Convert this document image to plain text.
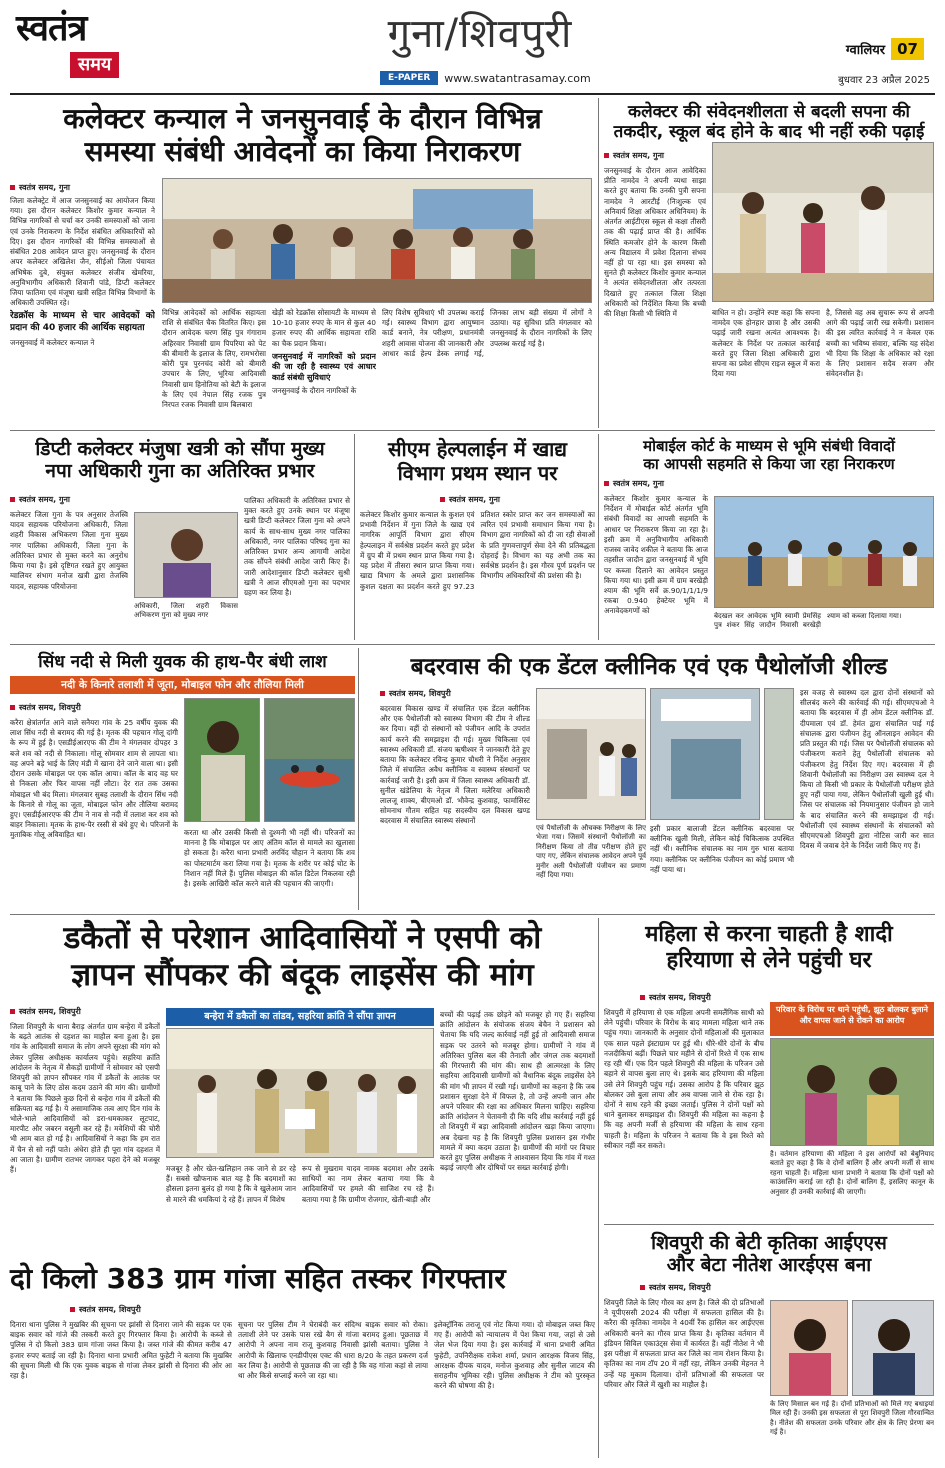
स्वतंत्र
समय
गुना/शिवपुरी
E-PAPER	www.swatantrasamay.com
ग्वालियर 07
बुधवार 23 अप्रैल 2025
कलेक्टर कन्याल ने जनसुनवाई के दौरान विभिन्न
समस्या संबंधी आवेदनों का किया निराकरण
स्वतंत्र समय, गुना
जिला कलेक्ट्रेट में आज जनसुनवाई का आयोजन किया गया। इस दौरान कलेक्टर किशोर कुमार कन्याल ने विभिन्न नागरिकों से चर्चा कर उनकी समस्याओं को जाना एवं उनके निराकरण के निर्देश संबंधित अधिकारियों को दिए। इस दौरान नागरिकों की विभिन्न समस्याओं से संबंधित 208 आवेदन प्राप्त हुए। जनसुनवाई के दौरान अपर कलेक्टर अखिलेश जैन, सीईओ जिला पंचायत अभिषेक दुबे, संयुक्त कलेक्टर संजीव खेमरिया, अनुविभागीय अधिकारी शिवानी पांडे, डिप्टी कलेक्टर जिया फातिमा एवं मंजूषा खत्री सहित विभिन्न विभागों के अधिकारी उपस्थित रहे।
रेडक्रॉस के माध्यम से चार आवेदकों को प्रदान की 40 हजार की आर्थिक सहायता
जनसुनवाई में कलेक्टर कन्याल ने
विभिन्न आवेदकों को आर्थिक सहायता राशि से संबंधित चैक वितरित किए। इस दौरान आवेदक चरण सिंह पुत्र गंगाराम अहिरवार निवासी ग्राम पिपरिया को पेट की बीमारी के इलाज के लिए, रामभरोसा कोरी पुत्र पुरनचंद कोरी को बीमारी उपचार के लिए, भूरिया आदिवासी निवासी ग्राम हिनोतिया को बेटी के इलाज के लिए एवं नेपाल सिंह रजक पुत्र निरपत रजक निवासी ग्राम बिलबारा
खेड़ी को रेडक्रॉस सोसायटी के माध्यम से 10-10 हजार रुपए के मान से कुल 40 हजार रुपए की आर्थिक सहायता राशि का चैक प्रदान किया।
जनसुनवाई में नागरिकों को प्रदान की जा रही है स्वास्थ्य एवं आधार कार्ड संबंधी सुविधाएं
जनसुनवाई के दौरान नागरिकों के
लिए विशेष सुविधाएं भी उपलब्ध कराई गई। स्वास्थ्य विभाग द्वारा आयुष्मान कार्ड बनाने, नेत्र परीक्षण, प्रधानमंत्री शहरी आवास योजना की जानकारी और आधार कार्ड हेल्प डेस्क लगाई गई, जिनका लाभ बड़ी संख्या में लोगों ने उठाया। यह सुविधा प्रति मंगलवार को जनसुनवाई के दौरान नागरिकों के लिए उपलब्ध कराई गई है।
कलेक्टर की संवेदनशीलता से बदली सपना की
तकदीर, स्कूल बंद होने के बाद भी नहीं रुकी पढ़ाई
स्वतंत्र समय, गुना
जनसुनवाई के दौरान आज आवेदिका प्रीति नामदेव ने अपनी व्यथा साझा करते हुए बताया कि उनकी पुत्री सपना नामदेव ने आरटीई (निःशुल्क एवं अनिवार्य शिक्षा अधिकार अधिनियम) के अंतर्गत आईटीएस स्कूल से कक्षा तीसरी तक की पढ़ाई प्राप्त की है। आर्थिक स्थिति कमजोर होने के कारण किसी अन्य विद्यालय में प्रवेश दिलाना संभव नहीं हो पा रहा था। इस समस्या को सुनते ही कलेक्टर किशोर कुमार कन्याल ने अत्यंत संवेदनशीलता और तत्परता दिखाते हुए तत्काल जिला शिक्षा अधिकारी को निर्देशित किया कि बच्ची की शिक्षा किसी भी स्थिति में	बाधित न हो। उन्होंने स्पष्ट कहा कि सपना नामदेव एक होनहार छात्रा है और उसकी पढ़ाई जारी रखना अत्यंत आवश्यक है। कलेक्टर के निर्देश पर तत्काल कार्रवाई करते हुए जिला शिक्षा अधिकारी द्वारा सपना का प्रवेश सीएम राइज स्कूल में करा दिया गया
है, जिससे वह अब सुचारू रूप से अपनी आगे की पढ़ाई जारी रख सकेगी। प्रशासन की इस त्वरित कार्रवाई ने न केवल एक बच्ची का भविष्य संवारा, बल्कि यह संदेश भी दिया कि शिक्षा के अधिकार को रक्षा के लिए प्रशासन सदैव सजग और संवेदनशील है।
डिप्टी कलेक्टर मंजुषा खत्री को सौंपा मुख्य
नपा अधिकारी गुना का अतिरिक्त प्रभार
स्वतंत्र समय, गुना
कलेक्टर जिला गुना के पत्र अनुसार तेजस्वि यादव सहायक परियोजना अधिकारी, जिला शहरी विकास अभिकरण जिला गुना मुख्य नगर पालिका अधिकारी, जिला गुना के अतिरिक्त प्रभार से मुक्त करने का अनुरोध किया गया है। इसे दृष्टिगत रखते हुए आयुक्त ग्वालियर संभाग मनोज खत्री द्वारा तेजस्वि यादव, सहायक परियोजना
अधिकारी, जिला शहरी विकास अभिकरण गुना को मुख्य नगर
पालिका अधिकारी के अतिरिक्त प्रभार से मुक्त करते हुए उनके स्थान पर मंजूषा खत्री डिप्टी कलेक्टर जिला गुना को अपने कार्य के साथ-साथ मुख्य नगर पालिका अधिकारी, नगर पालिका परिषद गुना का अतिरिक्त प्रभार अन्य आगामी आदेश तक सौंपने संबंधी आदेश जारी किए हैं। जारी आदेशानुसार डिप्टी कलेक्टर सुश्री खत्री ने आज सीएमओ गुना का पदभार ग्रहण कर लिया है।
सीएम हेल्पलाईन में खाद्य
विभाग प्रथम स्थान पर
स्वतंत्र समय, गुना
कलेक्टर किशोर कुमार कन्याल के कुशल एवं प्रभावी निर्देशन में गुना जिले के खाद्य एवं नागरिक आपूर्ति विभाग द्वारा सीएम हेल्पलाइन में सर्वश्रेष्ठ प्रदर्शन करते हुए प्रदेश में ग्रुप बी में प्रथम स्थान प्राप्त किया गया है। यह प्रदेश में तीसरा स्थान प्राप्त किया गया। खाद्य विभाग के अमले द्वारा प्रशासनिक कुशल दक्षता का प्रदर्शन करते हुए 97.23 प्रतिशत स्कोर प्राप्त कर जन समस्याओं का त्वरित एवं प्रभावी समाधान किया गया है। विभाग द्वारा नागरिकों को दी जा रही सेवाओं के प्रति गुणवत्तापूर्ण सेवा देने की प्रतिबद्धता दोहराई है। विभाग का यह अभी तक का सर्वश्रेष्ठ प्रदर्शन है। इस गौरव पूर्ण प्रदर्शन पर विभागीय अधिकारियों की प्रशंसा की है।
मोबाईल कोर्ट के माध्यम से भूमि संबंधी विवादों
का आपसी सहमति से किया जा रहा निराकरण
स्वतंत्र समय, गुना
कलेक्टर किशोर कुमार कन्याल के निर्देशन में मोबाईल कोर्ट अंतर्गत भूमि संबंधी विवादों का आपसी सहमति के आधार पर निराकरण किया जा रहा है। इसी क्रम में अनुविभागीय अधिकारी राजस्व जावेद शकील ने बताया कि आज तहसील जादौन द्वारा जनसुनवाई में भूमि पर कब्जा दिलाने का आवेदन प्रस्तुत किया गया था। इसी क्रम में ग्राम बरखेड़ी श्याम की भूमि सर्वे क्र.90/1/1/1/9 रकबा 0.940 हेक्टेयर भूमि में अनावेदकगणों को
बेदखल कर आवेदक भूमि स्वामी प्रेमसिंह पुत्र शंकर सिंह जादौन निवासी बरखेड़ी श्याम को कब्जा दिलाया गया।
सिंध नदी से मिली युवक की हाथ-पैर बंधी लाश
नदी के किनारे तलाशी में जूता, मोबाइल फोन और तौलिया मिली
स्वतंत्र समय, शिवपुरी
करैरा क्षेत्रांतर्गत आने वाले सनैयरा गांव के 25 वर्षीय युवक की लाश सिंध नदी से बरामद की गई है। मृतक की पहचान गोलू दांगी के रूप में हुई है। एसडीईआरएफ की टीम ने मंगलवार दोपहर 3 बजे शव को नदी से निकाला। गोलू सोमवार शाम से लापता था। वह अपने बड़े भाई के लिए मंडी में खाना देने जाने वाला था। इसी दौरान उसके मोबाइल पर एक कॉल आया। कॉल के बाद वह घर से निकला और फिर वापस नहीं लौटा। देर रात तक उसका मोबाइल भी बंद मिला। मंगलवार सुबह तलाशी के दौरान सिंध नदी के किनारे से गोलू का जूता, मोबाइल फोन और तौलिया बरामद हुए। एसडीईआरएफ की टीम ने नाव से नदी में तलाश कर शव को बाहर निकाला। मृतक के हाथ-पैर रस्सी से बंधे हुए थे। परिजनों के मुताबिक गोलू अविवाहित था।	करता था और उसकी किसी से दुश्मनी भी नहीं थी। परिजनों का मानना है कि मोबाइल पर आए अंतिम कॉल से मामले का खुलासा हो सकता है। करैरा थाना प्रभारी अरविंद चौहान ने बताया कि शव का पोस्टमार्टम करा लिया गया है। मृतक के शरीर पर कोई चोट के निशान नहीं मिले हैं। पुलिस मोबाइल की कॉल डिटेल निकलवा रही है। इसके आखिरी कॉल करने वाले की पहचान की जाएगी।
बदरवास की एक डेंटल क्लीनिक एवं एक पैथोलॉजी शील्ड
स्वतंत्र समय, शिवपुरी
बदरवास विकास खण्ड में संचालित एक डेंटल क्लीनिक और एक पैथोलॉजी को स्वास्थ्य विभाग की टीम ने शील्ड कर दिया। वहीं दो संस्थानों को पंजीयन आदि के उपरांत कार्य करने की समझाइश दी गई। मुख्य चिकित्सा एवं स्वास्थ्य अधिकारी डॉ. संजय ऋषीश्वर ने जानकारी देते हुए बताया कि कलेक्टर रविन्द्र कुमार चौधरी ने निर्देश अनुसार जिले में संचालित अवैध क्लीनिक व स्वास्थ्य संस्थानों पर कार्रवाई जारी है। इसी क्रम में जिला स्वास्थ्य अधिकारी डॉ. सुनील खंडेलिया के नेतृत्व में जिला मलेरिया अधिकारी लालजू शाक्य, बीएमओ डॉ. भौवेन्द्र कुशवाह, फार्मासिस्ट सोमनाथ गौतम सहित यह सदस्यीय दल विकास खण्ड बदरवास में संचालित स्वास्थ्य संस्थानों
एवं पैथोलॉजी के औचक्क निरीक्षण के लिए भेजा गया। जिसमें संस्थानों पैथोलॉजी का निरीक्षण किया तो तीव्र परीक्षण होते हुए पाए गए, लेकिन संचालक आवेदन अपने पूर्व मुनीर अली पैथोलॉजी पंजीयन का प्रमाण नहीं दिया गया।
इसी प्रकार बालाजी डेंटल क्लीनिक बदरवास पर क्लीनिक खुली मिली, लेकिन कोई चिकित्सक उपस्थित नहीं थी। क्लीनिक संचालक का नाम गुरु भास बताया गया। क्लीनिक पर क्लीनिक पंजीयन का कोई प्रमाण भी नहीं पाया था।
इस वजह से स्वास्थ्य दल द्वारा दोनों संस्थानों को सीलबंद करने की कार्रवाई की गई। सीएमएचओ ने बताया कि बदरवास में ही ओम डेंटल क्लीनिक डॉ. दीपमाला एवं डॉ. हेमंत द्वारा संचालित पाई गई संचालक द्वारा पंजीयन हेतु ऑनलाइन आवेदन की प्रति प्रस्तुत की गई। जिस पर पैथोलॉजी संचालक को पंजीकरण कराने हेतु पैथोलॉजी संचालक को पंजीकरण हेतु निर्देश दिए गए। बदरवास में ही शिवानी पैथोलॉजी का निरीक्षण उस स्वास्थ्य दल ने किया तो किसी भी प्रकार के पैथोलॉजी परीक्षण होते हुए नहीं पाया गया, लेकिन पैथोलॉजी खुली हुई थी। जिस पर संचालक को नियमानुसार पंजीयन हो जाने के बाद संचालित करने की समझाइश दी गई। पैथोलॉजी एवं स्वास्थ्य संस्थानों के संचालकों को सीएमएचओ शिवपुरी द्वारा नोटिस जारी कर सात दिवस में जवाब देने के निर्देश जारी किए गए हैं।
डकैतों से परेशान आदिवासियों ने एसपी को
ज्ञापन सौंपकर की बंदूक लाइसेंस की मांग
स्वतंत्र समय, शिवपुरी
जिला शिवपुरी के थाना बैराड़ अंतर्गत ग्राम बन्हेरा में डकैतों के बढ़ते आतंक से दहशत का माहौल बना हुआ है। इस गांव के आदिवासी समाज के लोग अपने सुरक्षा की मांग को लेकर पुलिस अधीक्षक कार्यालय पहुंचे। सहरिया क्रांति आंदोलन के नेतृत्व में सैकड़ों ग्रामीणों ने सोमवार को एसपी शिवपुरी को ज्ञापन सौंपकर गांव में डकैतों के आतंक पर काबू पाने के लिए ठोस कदम उठाने की मांग की। ग्रामीणों ने बताया कि पिछले कुछ दिनों से बन्हेरा गांव में डकैतों की सक्रियता बढ़ गई है। ये असामाजिक तत्व आए दिन गांव के भोले-भाले आदिवासियों को डरा-धमकाकर लूटपाट, मारपीट और जबरन वसूली कर रहे हैं। मवेशियों की चोरी भी आम बात हो गई है। आदिवासियों ने कहा कि हम रात में चैन से सो नहीं पाते। अंधेरा होते ही पूरा गांव दहशत में आ जाता है। ग्रामीण रातभर जागकर पहरा देने को मजबूर हैं।
बन्हेरा में डकैतों का तांडव, सहरिया क्रांति ने सौंपा ज्ञापन
मजबूर है और खेत-खलिहान तक जाने से डर रहे हैं। सबसे खौफनाक बात यह है कि बदमाशों का हौसला इतना बुलंद हो गया है कि वे खुलेआम जान से मारने की धमकियां दे रहे हैं। ज्ञापन में विशेष
रूप से मुखराम यादव नामक बदमाश और उसके साथियों का नाम लेकर बताया गया कि वे आदिवासियों पर हमले की साजिश रच रहे हैं। बताया गया है कि ग्रामीण रोजगार, खेती-बाड़ी और
बच्चों की पढ़ाई तक छोड़ने को मजबूर हो गए हैं। सहरिया क्रांति आंदोलन के संयोजक संजय बेचैन ने प्रशासन को चेताया कि यदि जल्द कार्रवाई नहीं हुई तो आदिवासी समाज सड़क पर उतरने को मजबूर होगा। ग्रामीणों ने गांव में अतिरिक्त पुलिस बल की तैनाती और जंगल तक बदमाशों की गिरफ्तारी की मांग की। साथ ही आत्मरक्षा के लिए सहरिया आदिवासी ग्रामीणों को वैधानिक बंदूक लाइसेंस देने की मांग भी ज्ञापन में रखी गई। ग्रामीणों का कहना है कि जब प्रशासन सुरक्षा देने में विफल है, तो उन्हें अपनी जान और अपने परिवार की रक्षा का अधिकार मिलना चाहिए। सहरिया क्रांति आंदोलन ने चेतावनी दी कि यदि शीघ्र कार्रवाई नहीं हुई तो शिवपुरी में बड़ा आदिवासी आंदोलन खड़ा किया जाएगा। अब देखना यह है कि शिवपुरी पुलिस प्रशासन इस गंभीर मामले में क्या कदम उठाता है। ग्रामीणों की मांगों पर विचार करते हुए पुलिस अधीक्षक ने आश्वासन दिया कि गांव में गश्त बढ़ाई जाएगी और दोषियों पर सख्त कार्रवाई होगी।
महिला से करना चाहती है शादी
हरियाणा से लेने पहुंची घर
स्वतंत्र समय, शिवपुरी
शिवपुरी में हरियाणा से एक महिला अपनी समलैंगिक साथी को लेने पहुंची। परिवार के विरोध के बाद मामला महिला थाने तक पहुंच गया। जानकारी के अनुसार दोनों महिलाओं की मुलाकात एक साल पहले इंस्टाग्राम पर हुई थी। धीरे-धीरे दोनों के बीच नजदीकियां बढ़ीं। पिछले चार महीने से दोनों रिश्ते में एक साथ रह रही थीं। एक दिन पहले शिवपुरी की महिला के परिजन उसे बहाने से वापस बुला लाए थे। इसके बाद हरियाणा की महिला उसे लेने शिवपुरी पहुंच गई। उसका आरोप है कि परिवार झूठ बोलकर उसे बुला लाया और अब वापस जाने से रोक रहा है। दोनों ने साथ रहने की इच्छा जताई। पुलिस ने दोनों पक्षों को थाने बुलाकर समझाइश दी। शिवपुरी की महिला का कहना है कि वह अपनी मर्जी से हरियाणा की महिला के साथ रहना चाहती है। महिला के परिजन ने बताया कि वे इस रिश्ते को स्वीकार नहीं कर सकते।
परिवार के विरोध पर थाने पहुंची, झूठ बोलकर बुलाने और वापस जाने से रोकने का आरोप
है। वर्तमान हरियाणा की महिला ने इस आरोपों को बेबुनियाद बताते हुए कहा है कि वे दोनों बालिग हैं और अपनी मर्जी से साथ रहना चाहती हैं। महिला थाना प्रभारी ने बताया कि दोनों पक्षों को काउंसलिंग कराई जा रही है। दोनों बालिग हैं, इसलिए कानून के अनुसार ही उनकी कार्रवाई की जाएगी।
दो किलो 383 ग्राम गांजा सहित तस्कर गिरफ्तार
स्वतंत्र समय, शिवपुरी
दिनारा थाना पुलिस ने मुखबिर की सूचना पर झांसी से दिनारा जाने की सड़क पर एक बाइक सवार को गांजे की तस्करी करते हुए गिरफ्तार किया है। आरोपी के कब्जे से पुलिस ने दो किलो 383 ग्राम गांजा जब्त किया है। जब्त गांजे की कीमत करीब 47 हजार रुपए बताई जा रही है। दिनारा थाना प्रभारी अमित फुहेटी ने बताया कि मुखबिर की सूचना मिली थी कि एक युवक बाइक से गांजा लेकर झांसी से दिनारा की ओर आ रहा है।
सूचना पर पुलिस टीम ने घेराबंदी कर संदिग्ध बाइक सवार को रोका। तलाशी लेने पर उसके पास रखे बैग से गांजा बरामद हुआ। पूछताछ में आरोपी ने अपना नाम राजू कुशवाह निवासी झांसी बताया। पुलिस ने आरोपी के खिलाफ एनडीपीएस एक्ट की धारा 8/20 के तहत प्रकरण दर्ज कर लिया है। आरोपी से पूछताछ की जा रही है कि वह गांजा कहां से लाया था और किसे सप्लाई करने जा रहा था।
इलेक्ट्रॉनिक तराजू एवं नोट किया गया। दो मोबाइल जब्त किए गए हैं। आरोपी को न्यायालय में पेश किया गया, जहां से उसे जेल भेज दिया गया है। इस कार्रवाई में थाना प्रभारी अमित फुहेटी, उपनिरीक्षक राकेश शर्मा, प्रधान आरक्षक विजय सिंह, आरक्षक दीपक यादव, मनोज कुशवाह और सुनील जाटव की सराहनीय भूमिका रही। पुलिस अधीक्षक ने टीम को पुरस्कृत करने की घोषणा की है।
शिवपुरी की बेटी कृतिका आईएएस
और बेटा नीतेश आरईएस बना
स्वतंत्र समय, शिवपुरी
शिवपुरी जिले के लिए गौरव का क्षण है। जिले की दो प्रतिभाओं ने यूपीएससी 2024 की परीक्षा में सफलता हासिल की है। करैरा की कृतिका नामदेव ने 40वीं रैंक हासिल कर आईएएस अधिकारी बनने का गौरव प्राप्त किया है। कृतिका वर्तमान में इंडियन सिविल एकाउंट्स सेवा में कार्यरत हैं। वहीं नीतेश ने भी इस परीक्षा में सफलता प्राप्त कर जिले का नाम रोशन किया है। कृतिका का नाम टॉप 20 में नहीं रहा, लेकिन उनकी मेहनत ने उन्हें यह मुकाम दिलाया। दोनों प्रतिभाओं की सफलता पर परिवार और जिले में खुशी का माहौल है।
के लिए मिसाल बन गई है। दोनों प्रतिभाओं को मिले गए बधाइयां मिल रही हैं। उनकी इस सफलता से पूरा शिवपुरी जिला गौरवान्वित है। नीतेश की सफलता उनके परिवार और क्षेत्र के लिए प्रेरणा बन गई है।
